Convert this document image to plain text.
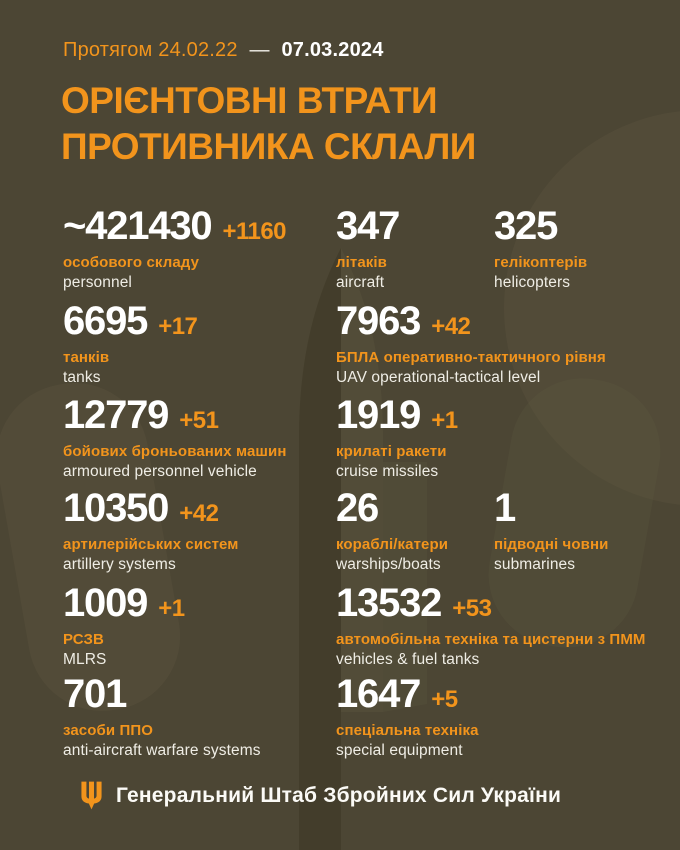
Протягом 24.02.22 — 07.03.2024
ОРІЄНТОВНІ ВТРАТИ
ПРОТИВНИКА СКЛАЛИ
~421430 +1160
особового складу
personnel
347
літаків
aircraft
325
гелікоптерів
helicopters
6695 +17
танків
tanks
7963 +42
БПЛА оперативно-тактичного рівня
UAV operational-tactical level
12779 +51
бойових броньованих машин
armoured personnel vehicle
1919 +1
крилаті ракети
cruise missiles
10350 +42
артилерійських систем
artillery systems
26
кораблі/катери
warships/boats
1
підводні човни
submarines
1009 +1
РСЗВ
MLRS
13532 +53
автомобільна техніка та цистерни з ПММ
vehicles & fuel tanks
701
засоби ППО
anti-aircraft warfare systems
1647 +5
спеціальна техніка
special equipment
Генеральний Штаб Збройних Сил України
